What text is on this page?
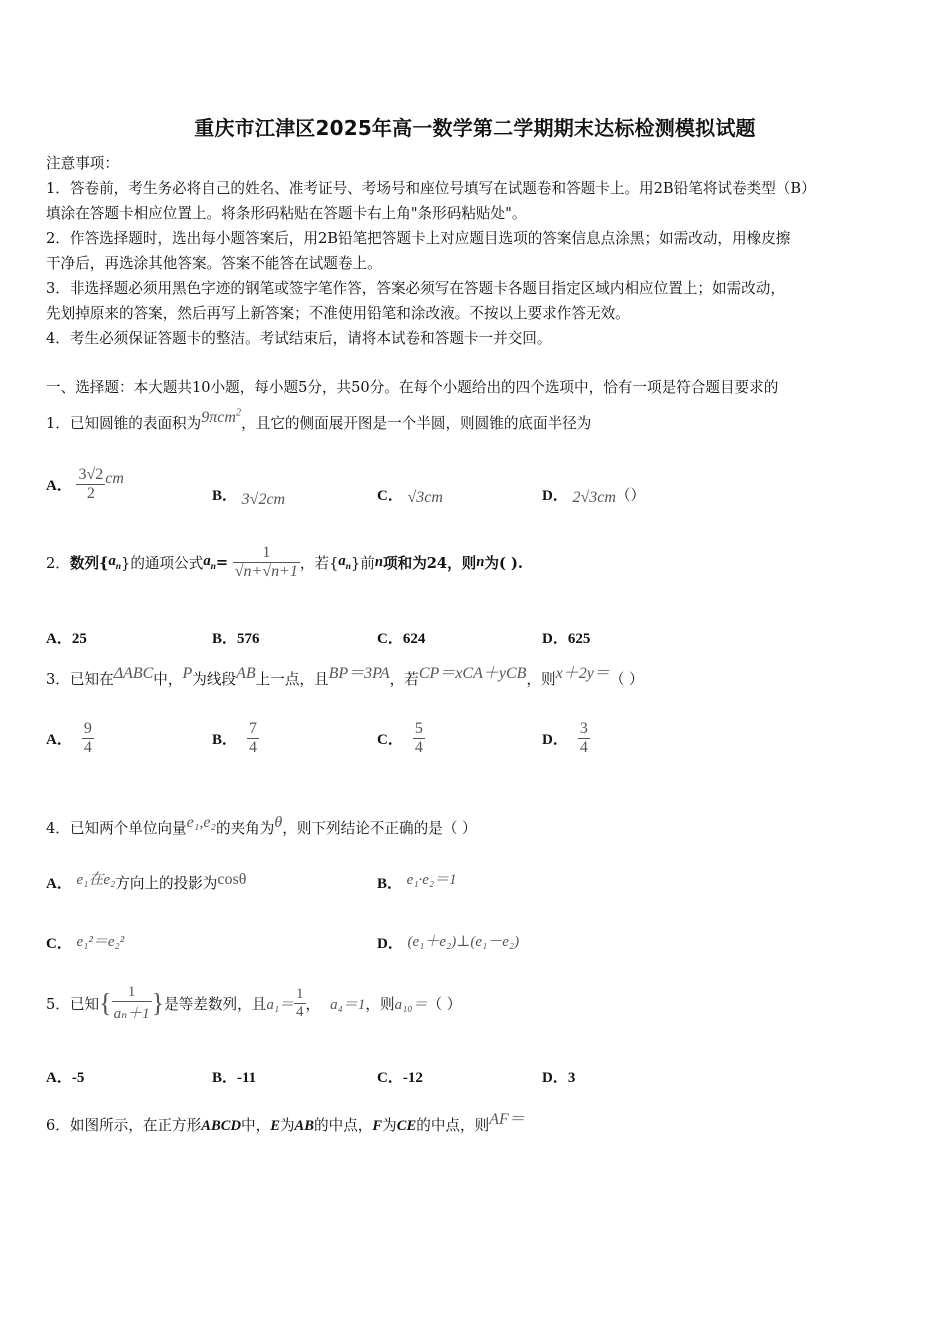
重庆市江津区2025年高一数学第二学期期末达标检测模拟试题
注意事项：
1．答卷前，考生务必将自己的姓名、准考证号、考场号和座位号填写在试题卷和答题卡上。用2B铅笔将试卷类型（B）
填涂在答题卡相应位置上。将条形码粘贴在答题卡右上角"条形码粘贴处"。
2．作答选择题时，选出每小题答案后，用2B铅笔把答题卡上对应题目选项的答案信息点涂黑；如需改动，用橡皮擦
干净后，再选涂其他答案。答案不能答在试题卷上。
3．非选择题必须用黑色字迹的钢笔或签字笔作答，答案必须写在答题卡各题目指定区域内相应位置上；如需改动，
先划掉原来的答案，然后再写上新答案；不准使用铅笔和涂改液。不按以上要求作答无效。
4．考生必须保证答题卡的整洁。考试结束后，请将本试卷和答题卡一并交回。
一、选择题：本大题共10小题，每小题5分，共50分。在每个小题给出的四个选项中，恰有一项是符合题目要求的
1．已知圆锥的表面积为9πcm$^2$，且它的侧面展开图是一个半圆，则圆锥的底面半径为
A． $\frac{3√2}{2}$ cm
B． 3√2cm	C． √3cm	D． 2√3cm（）
2．数列$\{a_n\}$的通项公式$a_n= \frac{1}{√n+√n+1}$ ，若$\{a_n\}$前n项和为24，则n为( ).
A．25	B．576	C．624	D．625
3．已知在ΔABC中，P为线段AB上一点，且BP＝3PA，若CP＝xCA＋yCB，则x＋2y＝（ ）
A． $\frac{9}{4}$	B． $\frac{7}{4}$	C． $\frac{5}{4}$	D． $\frac{3}{4}$
4．已知两个单位向量e₁,e₂的夹角为θ，则下列结论不正确的是（ ）
A． e₁在e₂方向上的投影为cosθ	B． e₁·e₂＝1
C． e₁²＝e₂²	D． (e₁＋e₂)⊥(e₁－e₂)
5．已知{ $\frac{1}{\text{aₙ＋1}}$ }是等差数列，且$a_1= \frac{1}{4}$ ， a₄＝1，则a₁₀＝（ ）
A．-5	B．-11	C．-12	D．3
6．如图所示，在正方形ABCD中，E为AB的中点，F为CE的中点，则AF＝
